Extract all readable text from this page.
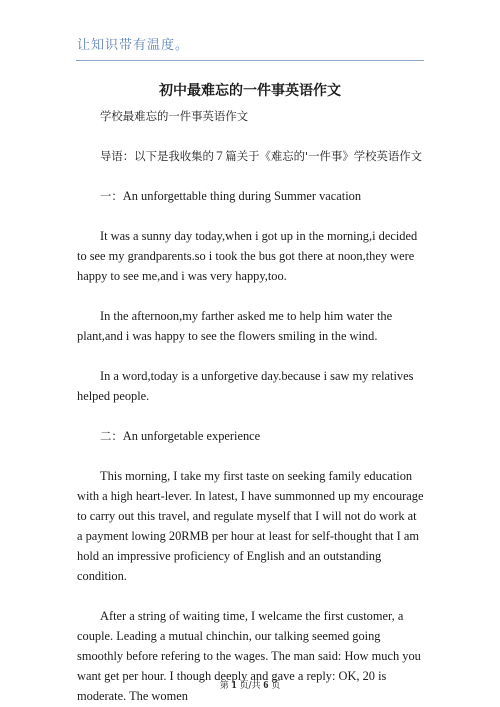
让知识带有温度。
初中最难忘的一件事英语作文

学校最难忘的一件事英语作文

导语：以下是我收集的７篇关于《难忘的'一件事》学校英语作文

一：An unforgettable thing during Summer vacation

It was a sunny day today,when i got up in the morning,i decided to see my grandparents.so i took the bus got there at noon,they were happy to see me,and i was very happy,too.

In the afternoon,my farther asked me to help him water the plant,and i was happy to see the flowers smiling in the wind.

In a word,today is a unforgetive day.because i saw my relatives helped people.

二：An unforgetable experience

This morning, I take my first taste on seeking family education with a high heart-lever. In latest, I have summonned up my encourage to carry out this travel, and regulate myself that I will not do work at a payment lowing 20RMB per hour at least for self-thought that I am hold an impressive proficiency of English and an outstanding condition.

After a string of waiting time, I welcame the first customer, a couple. Leading a mutual chinchin, our talking seemed going smoothly before refering to the wages. The man said: How much you want get per hour. I though deeply and gave a reply: OK, 20 is moderate. The women

第 1 页/共 6 页
